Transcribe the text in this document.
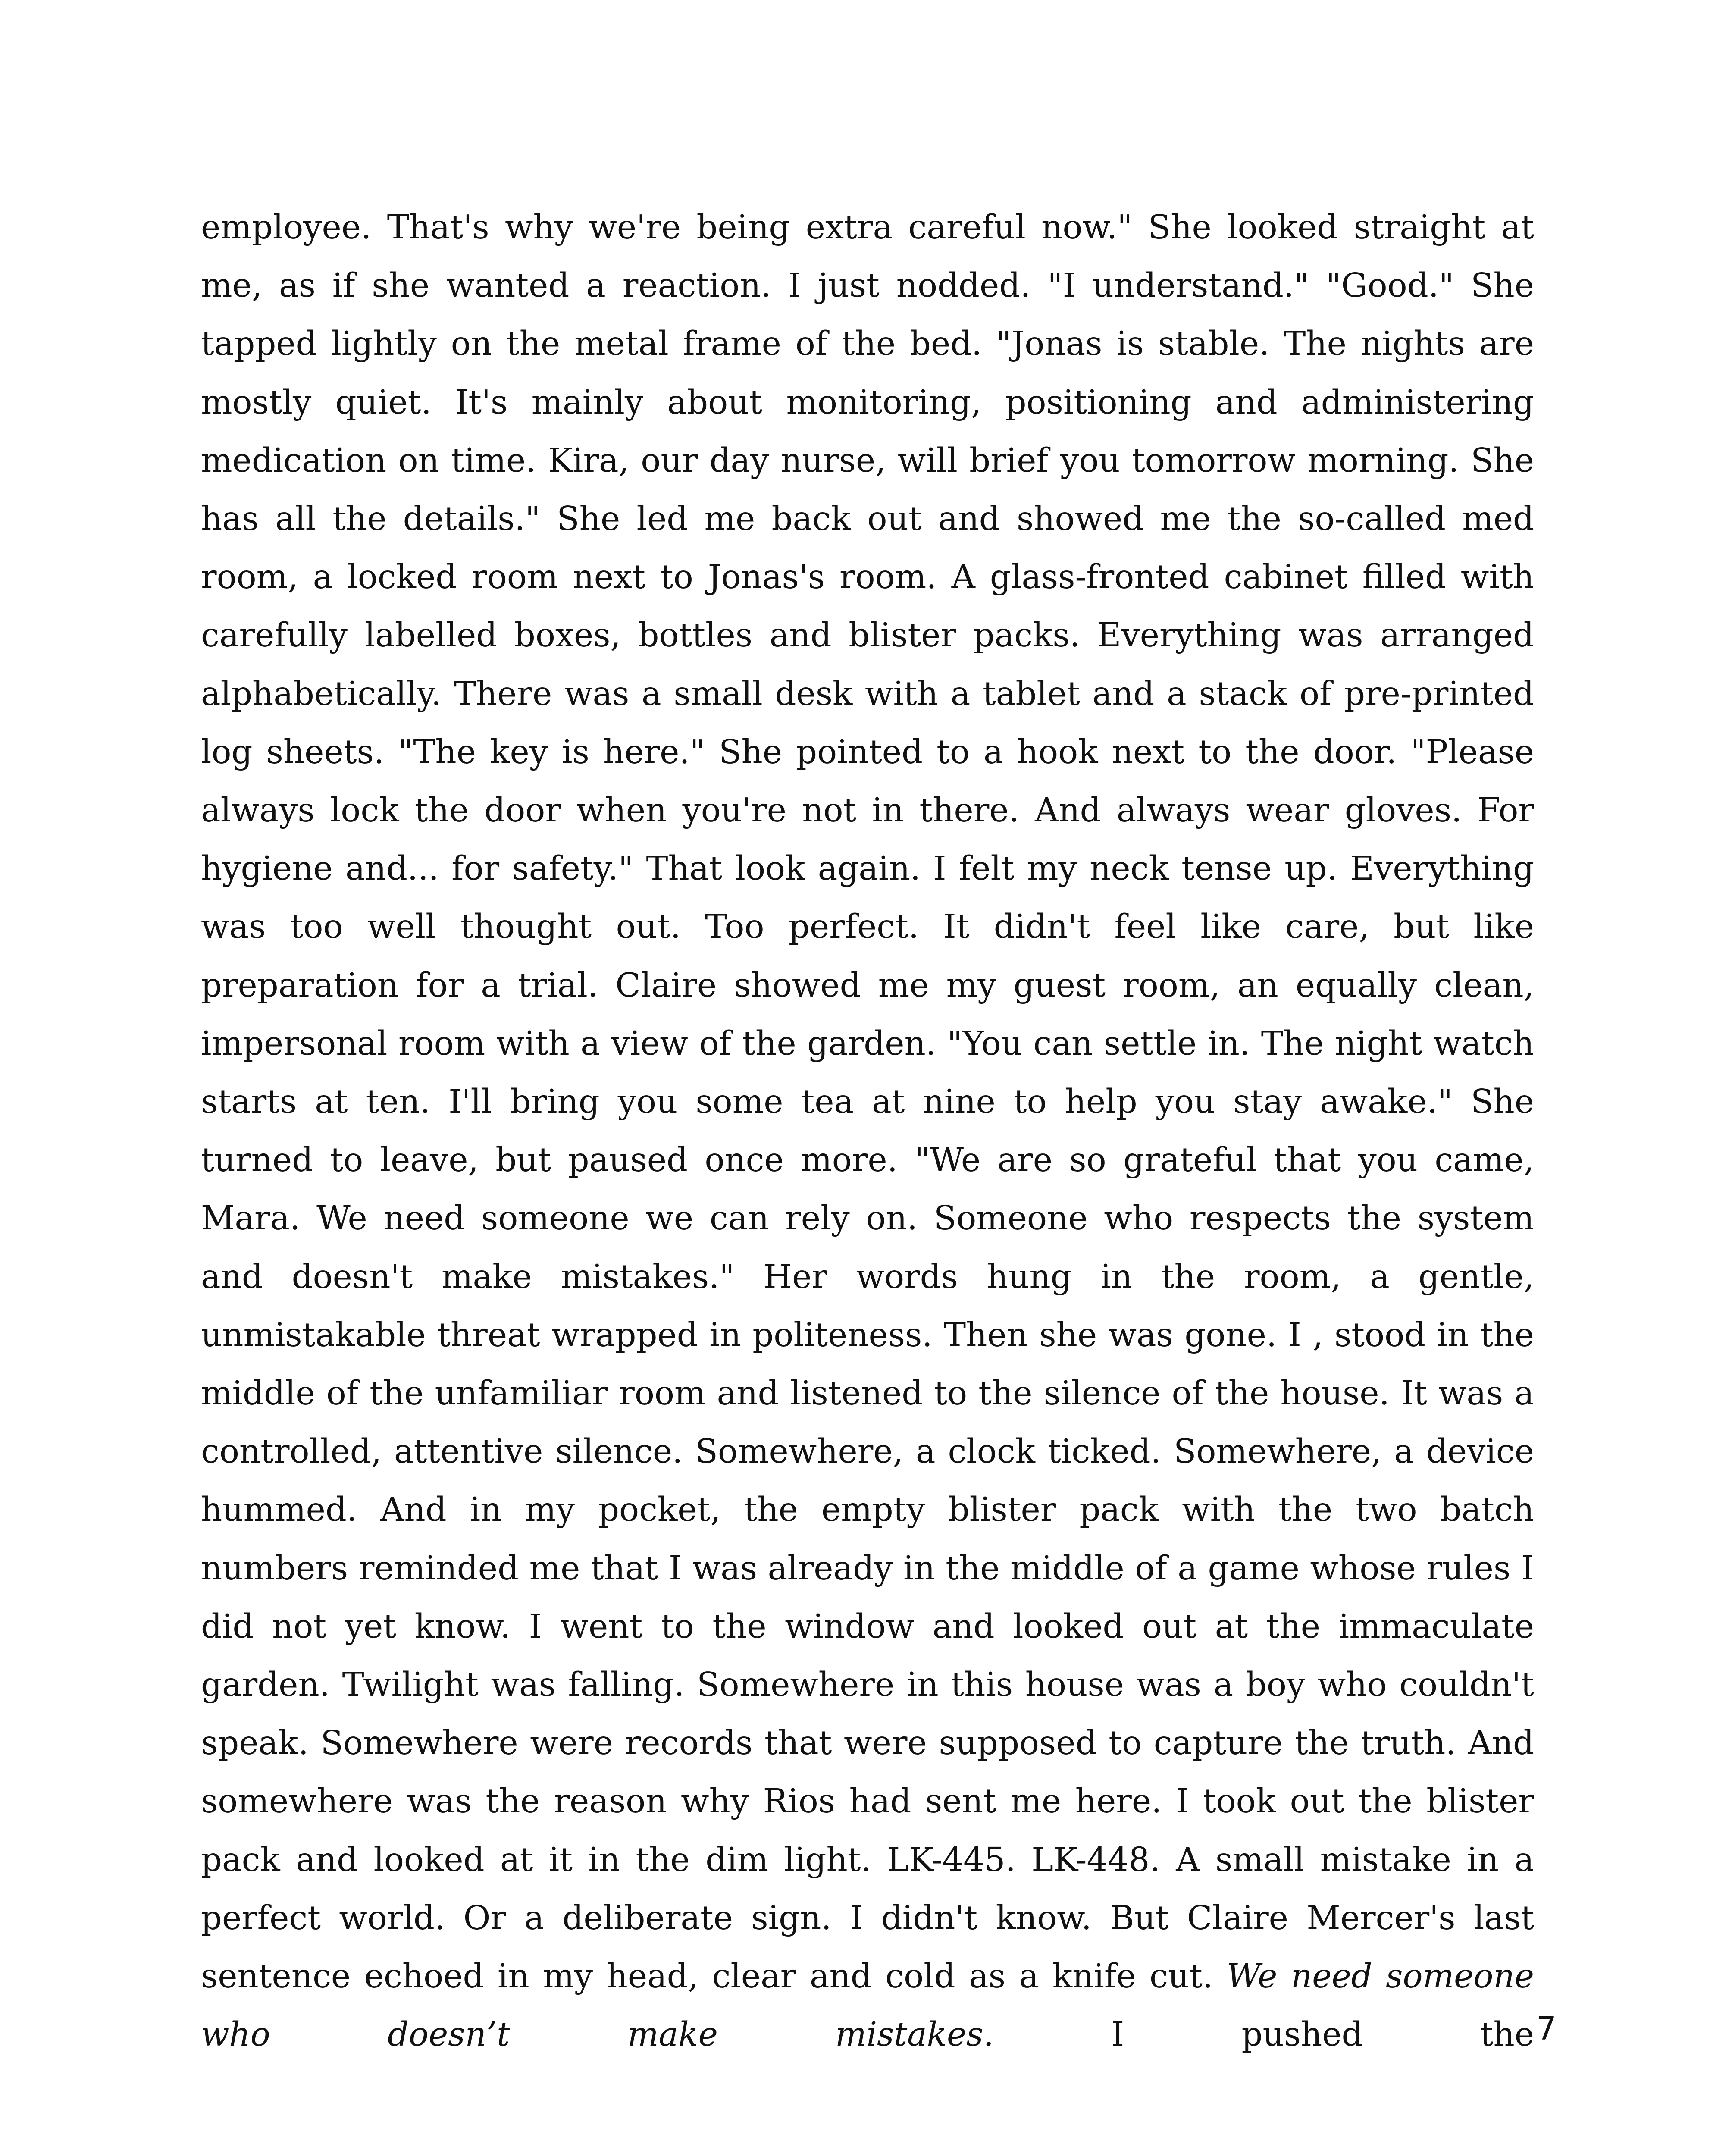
employee. That's why we're being extra careful now." She looked straight at me, as if she wanted a reaction. I just nodded. "I understand." "Good." She tapped lightly on the metal frame of the bed. "Jonas is stable. The nights are mostly quiet. It's mainly about monitoring, positioning and administering medication on time. Kira, our day nurse, will brief you tomorrow morning. She has all the details." She led me back out and showed me the so-called med room, a locked room next to Jonas's room. A glass-fronted cabinet filled with carefully labelled boxes, bottles and blister packs. Everything was arranged alphabetically. There was a small desk with a tablet and a stack of pre-printed log sheets. "The key is here." She pointed to a hook next to the door. "Please always lock the door when you're not in there. And always wear gloves. For hygiene and... for safety." That look again. I felt my neck tense up. Everything was too well thought out. Too perfect. It didn't feel like care, but like preparation for a trial. Claire showed me my guest room, an equally clean, impersonal room with a view of the garden. "You can settle in. The night watch starts at ten. I'll bring you some tea at nine to help you stay awake." She turned to leave, but paused once more. "We are so grateful that you came, Mara. We need someone we can rely on. Someone who respects the system and doesn't make mistakes." Her words hung in the room, a gentle, unmistakable threat wrapped in politeness. Then she was gone. I , stood in the middle of the unfamiliar room and listened to the silence of the house. It was a controlled, attentive silence. Somewhere, a clock ticked. Somewhere, a device hummed. And in my pocket, the empty blister pack with the two batch numbers reminded me that I was already in the middle of a game whose rules I did not yet know. I went to the window and looked out at the immaculate garden. Twilight was falling. Somewhere in this house was a boy who couldn't speak. Somewhere were records that were supposed to capture the truth. And somewhere was the reason why Rios had sent me here. I took out the blister pack and looked at it in the dim light. LK-445. LK-448. A small mistake in a perfect world. Or a deliberate sign. I didn't know. But Claire Mercer's last sentence echoed in my head, clear and cold as a knife cut. We need someone who doesn’t make mistakes. I pushed the 7
